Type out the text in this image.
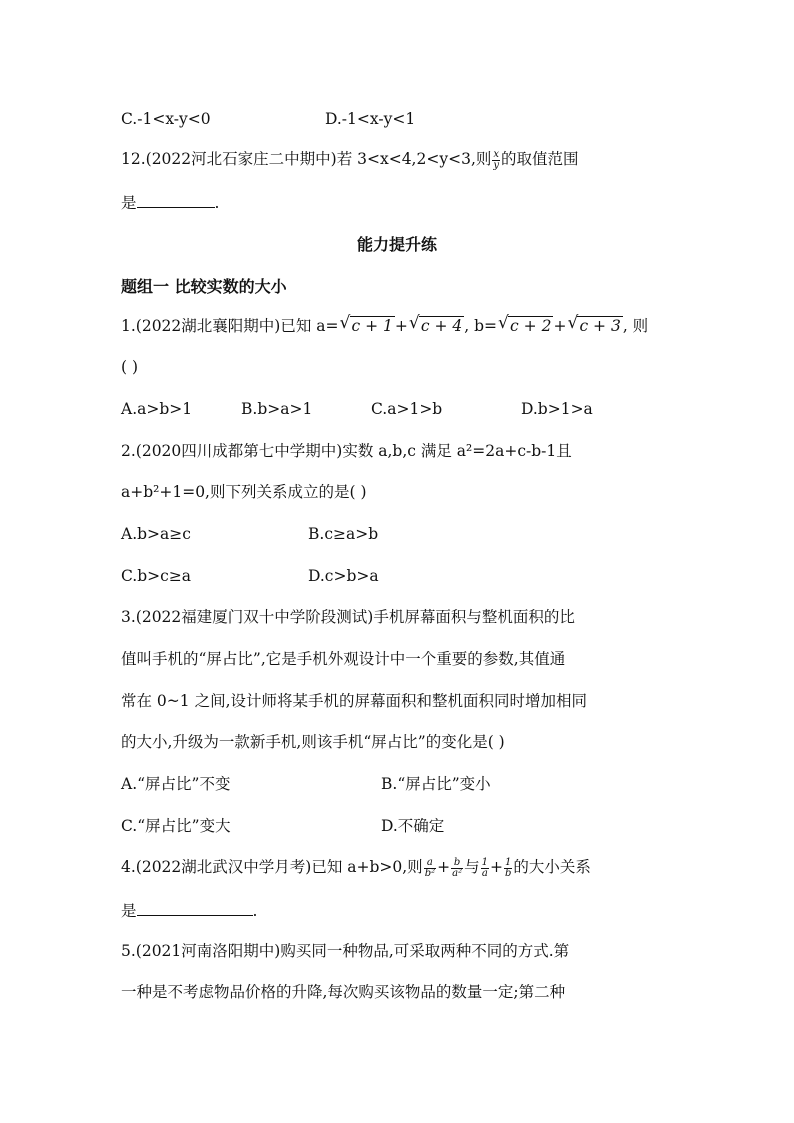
C.-1<x-y<0	D.-1<x-y<1
12.(2022河北石家庄二中期中)若 3<x<4,2<y<3,则 $\frac{x}{y}$ 的取值范围
是	.
能力提升练
题组一 比较实数的大小
1.(2022湖北襄阳期中)已知 a= √ c + 1 + √ c + 4 , b= √ c + 2 + √ c + 3 , 则
( )
A.a>b>1	B.b>a>1	C.a>1>b	D.b>1>a
2.(2020四川成都第七中学期中)实数 a,b,c 满足 a²=2a+c-b-1且
a+b²+1=0,则下列关系成立的是( )
A.b>a≥c	B.c≥a>b
C.b>c≥a	D.c>b>a
3.(2022福建厦门双十中学阶段测试)手机屏幕面积与整机面积的比
值叫手机的“屏占比”,它是手机外观设计中一个重要的参数,其值通
常在 0~1 之间,设计师将某手机的屏幕面积和整机面积同时增加相同
的大小,升级为一款新手机,则该手机“屏占比”的变化是( )
A.“屏占比”不变	B.“屏占比”变小
C.“屏占比”变大	D.不确定
4.(2022湖北武汉中学月考)已知 a+b>0,则 $\frac{a}{\text{b²}} + \frac{b}{\text{a²}}$ 与 $\frac{1}{a} + \frac{1}{b}$ 的大小关系
是	.
5.(2021河南洛阳期中)购买同一种物品,可采取两种不同的方式.第
一种是不考虑物品价格的升降,每次购买该物品的数量一定;第二种
